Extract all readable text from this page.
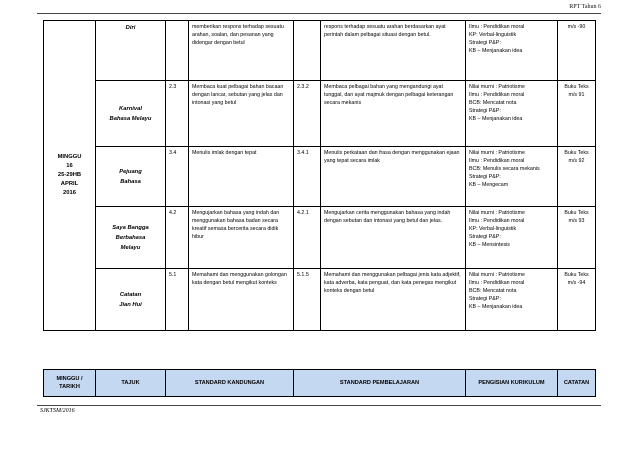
RPT Tahun 6
MINGGU
16
25-29HB
APRIL
2016	Diri		memberikan respons terhadap sesuatu arahan, soalan, dan pesanan yang didengar dengan betul		respons terhadap sesuatu arahan berdasarkan ayat perintah dalam pelbagai situasi dengan betul.	Ilmu : Pendidikan moral
KP: Verbal-linguistik
Strategi P&P:
KB – Menjanakan idea	m/s -90

	Karnival
Bahasa Melayu	2.3	Membaca kuat pelbagai bahan bacaan dengan lancar, sebutan yang jelas dan intonasi yang betul	2.3.2	Membaca pelbagai bahan yang mengandungi ayat tunggal, dan ayat majmuk dengan pelbagai keterangan secara mekanis	Nilai murni : Patriotisme
Ilmu : Pendidikan moral
BCB: Mencatat nota
Strategi P&P:
KB – Menjanakan idea	Buku Teks m/s 91

	Pejuang
Bahasa	3.4	Menulis imlak dengan tepat	3.4.1	Menulis perkataan dan frasa dengan menggunakan ejaan yang tepat secara imlak	Nilai murni : Patriotisme
Ilmu : Pendidikan moral
BCB: Menulis secara mekanis
Strategi P&P:
KB – Mengecam	Buku Teks m/s 92

	Saya Bangga
Berbahasa
Melayu	4.2	Mengujarkan bahasa yang indah dan menggunakan bahasa badan secara kreatif semasa bercerita secara didik hibur	4.2.1	Mengujarkan cerita menggunakan bahasa yang indah dengan sebutan dan intonasi yang betul dan jelas.	Nilai murni : Patriotisme
Ilmu : Pendidikan moral
KP: Verbal-linguistik
Strategi P&P:
KB – Mensintesis	Buku Teks m/s 93

	Catatan
Jian Hui	5.1	Memahami dan menggunakan golongan kata dengan betul mengikut konteks	5.1.5	Memahami dan menggunakan pelbagai jenis kata adjektif, kata adverba, kata penguat, dan kata penegas mengikut konteks dengan betul	Nilai murni : Patriotisme
Ilmu : Pendidikan moral
BCB: Mencatat nota
Strategi P&P:
KB – Menjanakan idea	Buku Teks m/s -94
MINGGU / TARIKH	TAJUK	STANDARD KANDUNGAN	STANDARD PEMBELAJARAN	PENGISIAN KURIKULUM	CATATAN
SJKTSM/2016
